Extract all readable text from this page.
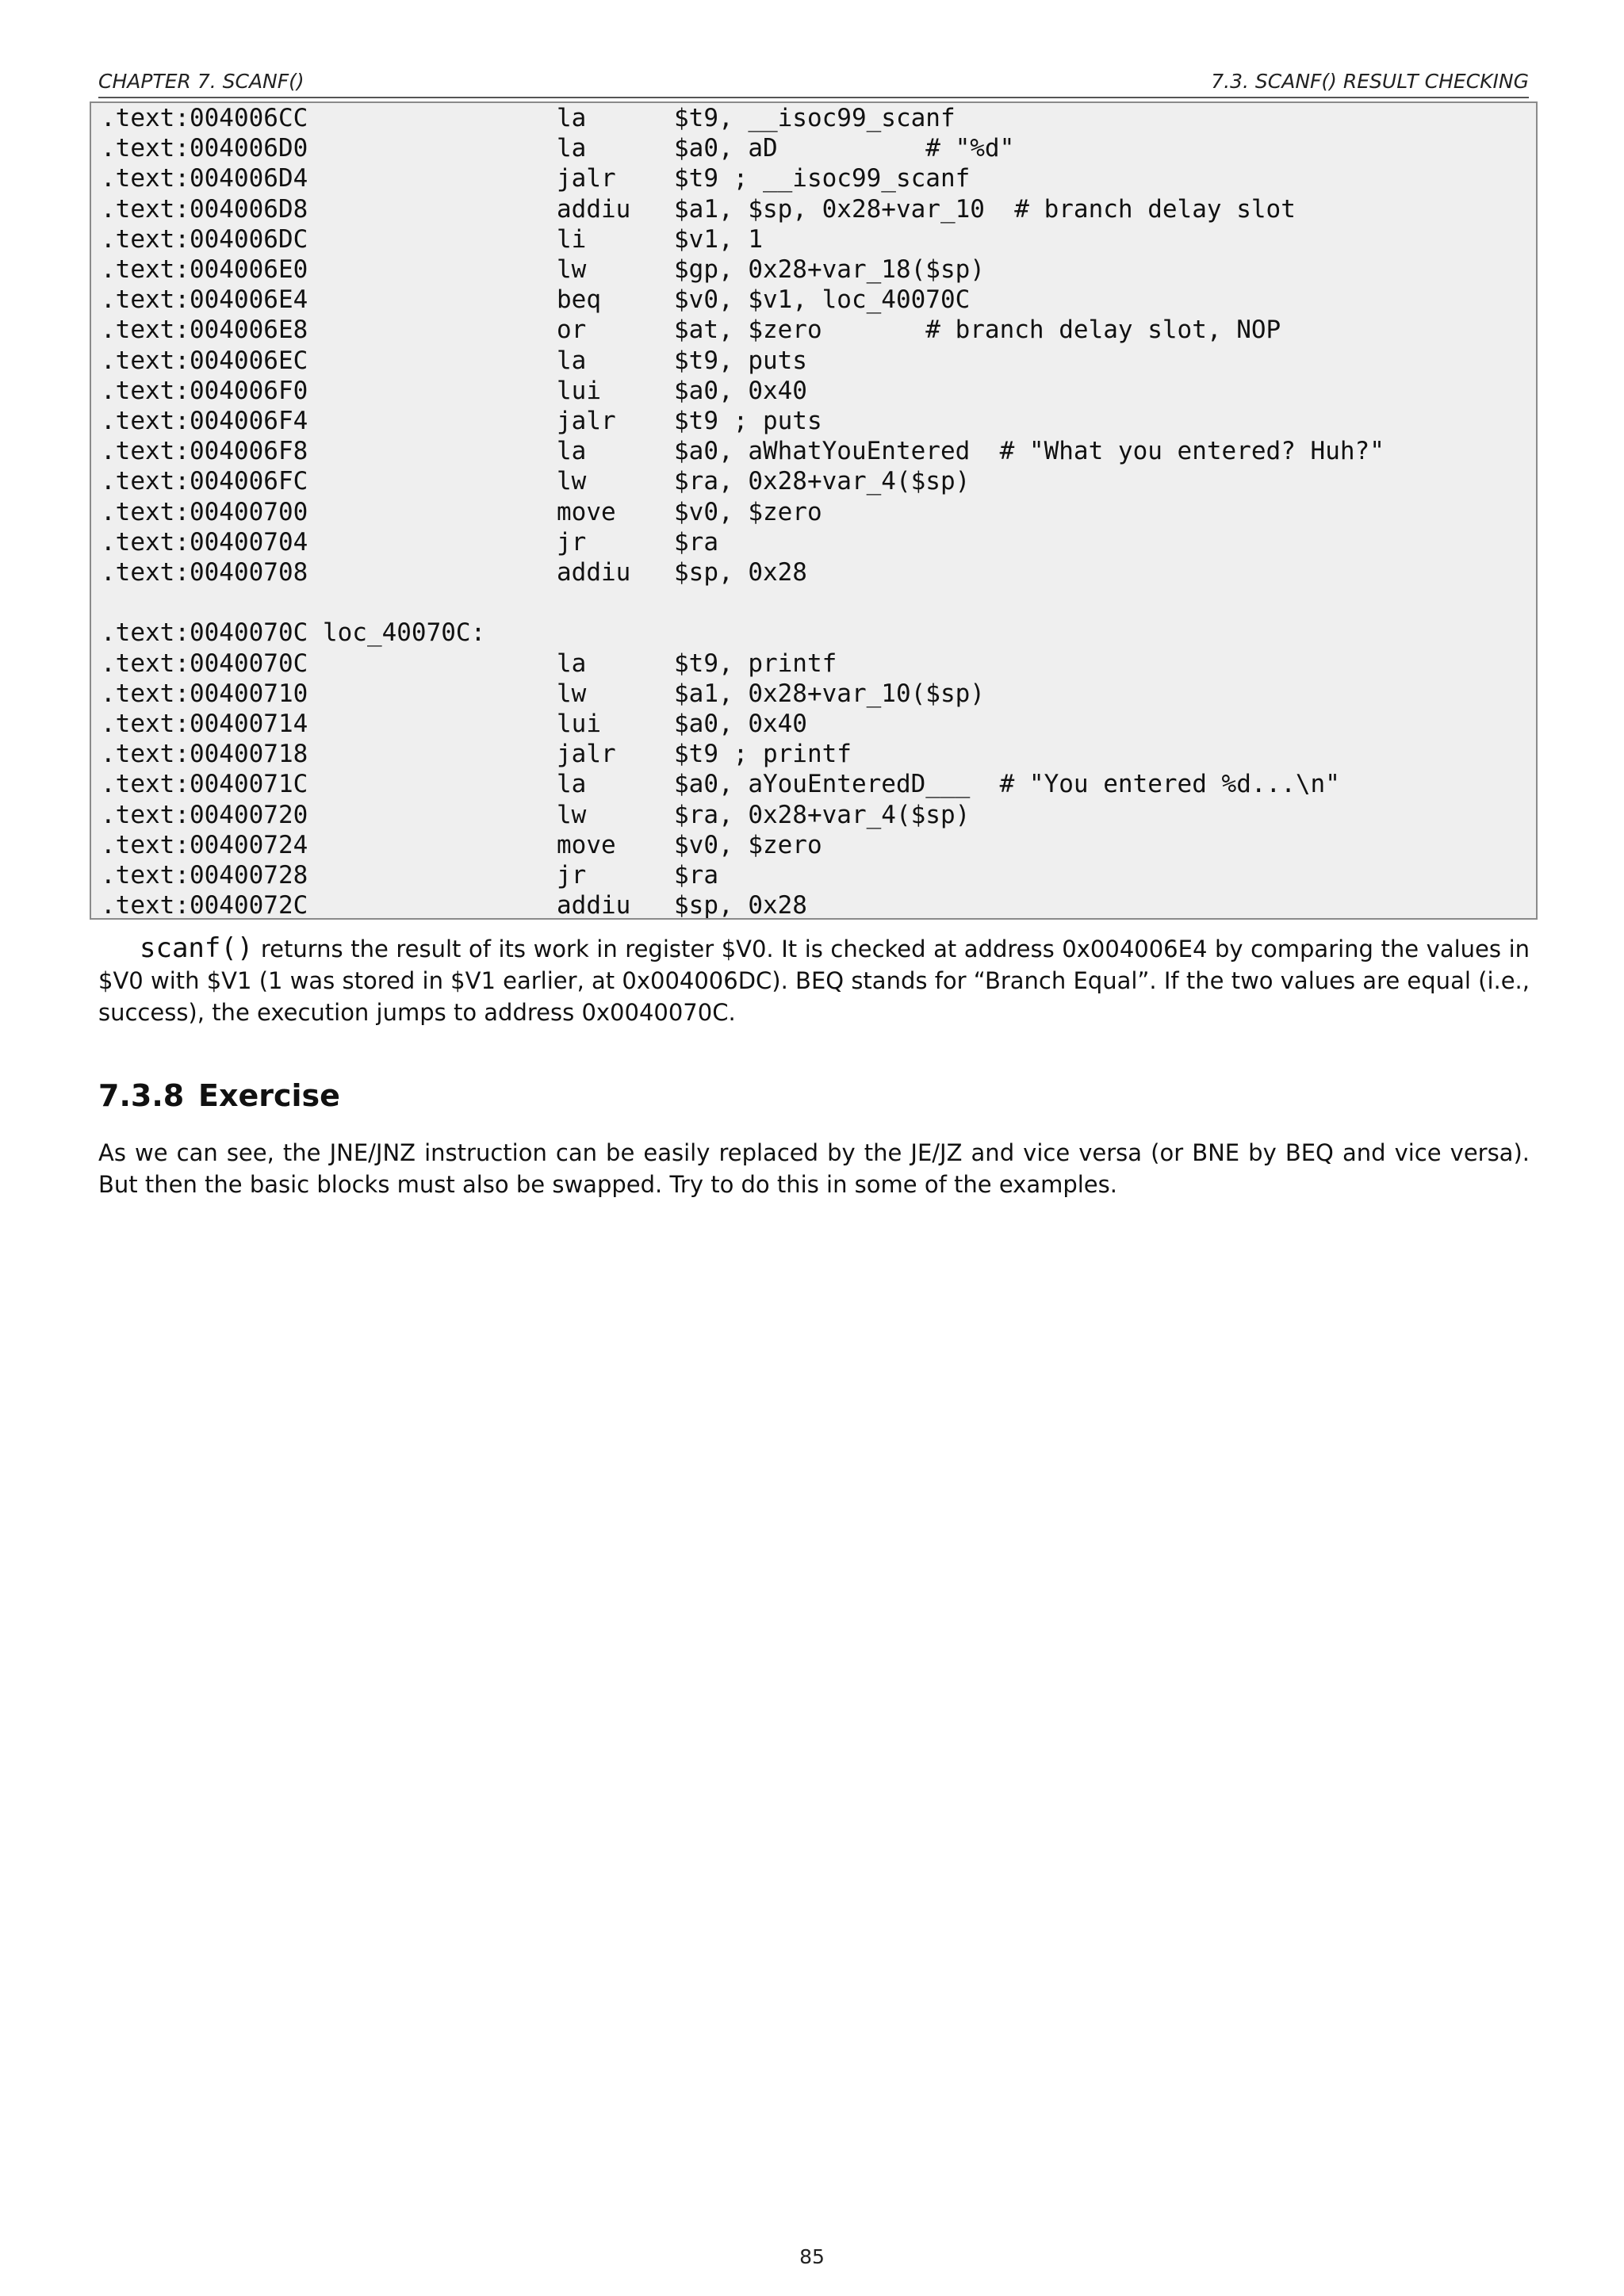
CHAPTER 7. SCANF()	7.3. SCANF() RESULT CHECKING
.text:004006CC	la	$t9, __isoc99_scanf
.text:004006D0	la	$a0, aD          # "%d"
.text:004006D4	jalr $t9 ; __isoc99_scanf
.text:004006D8	addiu $a1, $sp, 0x28+var_10  # branch delay slot
.text:004006DC	li	$v1, 1
.text:004006E0	lw	$gp, 0x28+var_18($sp)
.text:004006E4	beq	$v0, $v1, loc_40070C
.text:004006E8	or	$at, $zero       # branch delay slot, NOP
.text:004006EC	la	$t9, puts
.text:004006F0	lui	$a0, 0x40
.text:004006F4	jalr $t9 ; puts
.text:004006F8	la	$a0, aWhatYouEntered  # "What you entered? Huh?"
.text:004006FC	lw	$ra, 0x28+var_4($sp)
.text:00400700	move $v0, $zero
.text:00400704	jr	$ra
.text:00400708	addiu $sp, 0x28
.text:0040070C loc_40070C:
.text:0040070C	la	$t9, printf
.text:00400710	lw	$a1, 0x28+var_10($sp)
.text:00400714	lui	$a0, 0x40
.text:00400718	jalr $t9 ; printf
.text:0040071C	la	$a0, aYouEnteredD___  # "You entered %d...\n"
.text:00400720	lw	$ra, 0x28+var_4($sp)
.text:00400724	move $v0, $zero
.text:00400728	jr	$ra
.text:0040072C	addiu $sp, 0x28
scanf() returns the result of its work in register $V0. It is checked at address 0x004006E4 by comparing the values in $V0 with $V1 (1 was stored in $V1 earlier, at 0x004006DC). BEQ stands for “Branch Equal”. If the two values are equal (i.e., success), the execution jumps to address 0x0040070C.
7.3.8 Exercise
As we can see, the JNE/JNZ instruction can be easily replaced by the JE/JZ and vice versa (or BNE by BEQ and vice versa). But then the basic blocks must also be swapped. Try to do this in some of the examples.
85
